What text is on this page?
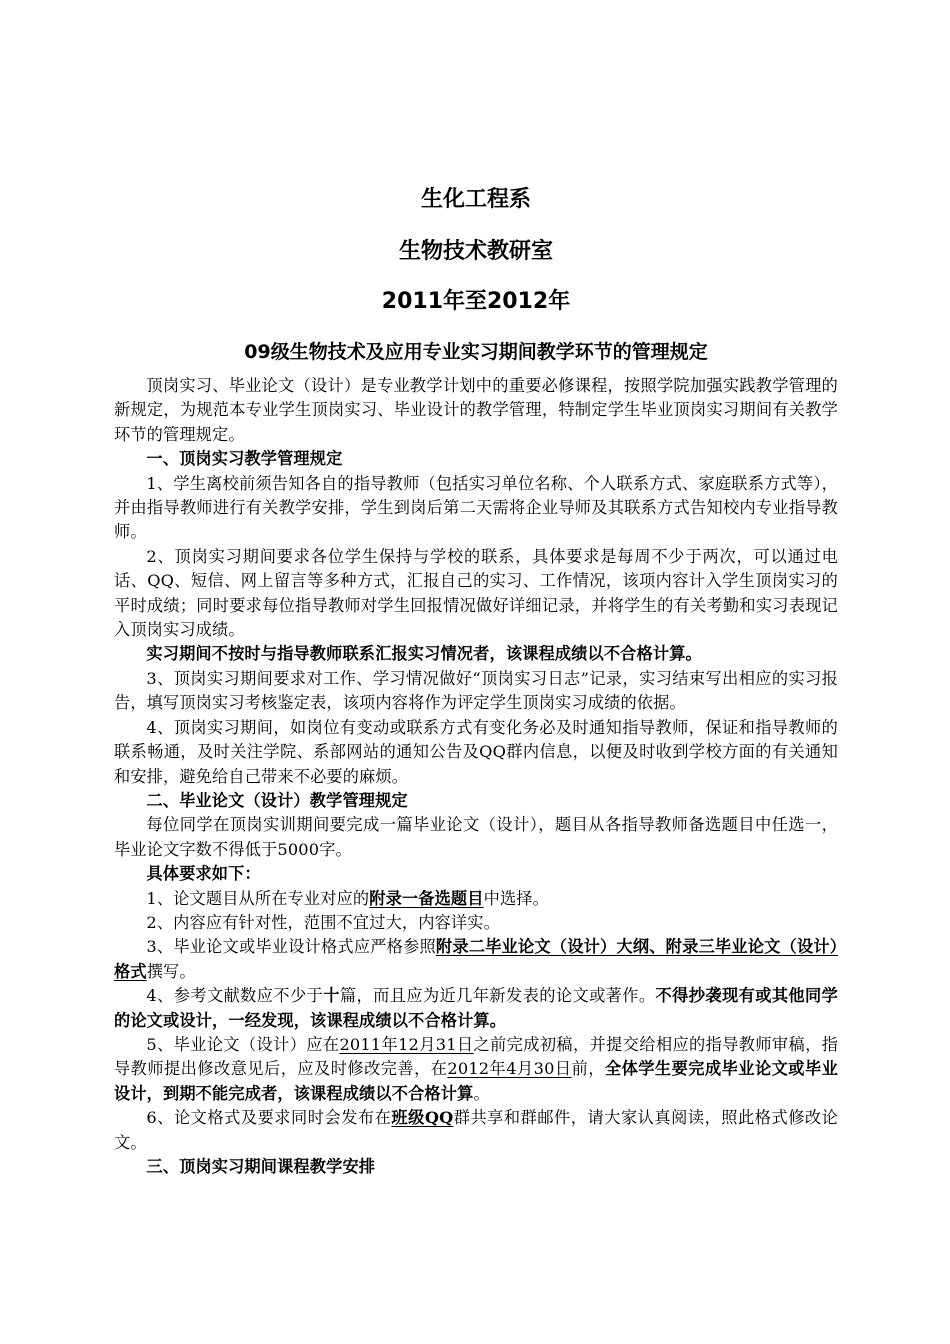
生化工程系
生物技术教研室
2011年至2012年
09级生物技术及应用专业实习期间教学环节的管理规定

顶岗实习、毕业论文（设计）是专业教学计划中的重要必修课程，按照学院加强实践教学管理的新规定，为规范本专业学生顶岗实习、毕业设计的教学管理，特制定学生毕业顶岗实习期间有关教学环节的管理规定。

一、顶岗实习教学管理规定

1、学生离校前须告知各自的指导教师（包括实习单位名称、个人联系方式、家庭联系方式等），并由指导教师进行有关教学安排，学生到岗后第二天需将企业导师及其联系方式告知校内专业指导教师。

2、顶岗实习期间要求各位学生保持与学校的联系，具体要求是每周不少于两次，可以通过电话、QQ、短信、网上留言等多种方式，汇报自己的实习、工作情况，该项内容计入学生顶岗实习的平时成绩；同时要求每位指导教师对学生回报情况做好详细记录，并将学生的有关考勤和实习表现记入顶岗实习成绩。

实习期间不按时与指导教师联系汇报实习情况者，该课程成绩以不合格计算。

3、顶岗实习期间要求对工作、学习情况做好“顶岗实习日志”记录，实习结束写出相应的实习报告，填写顶岗实习考核鉴定表，该项内容将作为评定学生顶岗实习成绩的依据。

4、顶岗实习期间，如岗位有变动或联系方式有变化务必及时通知指导教师，保证和指导教师的联系畅通，及时关注学院、系部网站的通知公告及QQ群内信息，以便及时收到学校方面的有关通知和安排，避免给自己带来不必要的麻烦。

二、毕业论文（设计）教学管理规定

每位同学在顶岗实训期间要完成一篇毕业论文（设计），题目从各指导教师备选题目中任选一，毕业论文字数不得低于5000字。

具体要求如下：

1、论文题目从所在专业对应的附录一备选题目中选择。

2、内容应有针对性，范围不宜过大，内容详实。

3、毕业论文或毕业设计格式应严格参照附录二毕业论文（设计）大纲、附录三毕业论文（设计）格式撰写。

4、参考文献数应不少于十篇，而且应为近几年新发表的论文或著作。不得抄袭现有或其他同学的论文或设计，一经发现，该课程成绩以不合格计算。

5、毕业论文（设计）应在2011年12月31日之前完成初稿，并提交给相应的指导教师审稿，指导教师提出修改意见后，应及时修改完善，在2012年4月30日前，全体学生要完成毕业论文或毕业设计，到期不能完成者，该课程成绩以不合格计算。

6、论文格式及要求同时会发布在班级QQ群共享和群邮件，请大家认真阅读，照此格式修改论文。

三、顶岗实习期间课程教学安排
